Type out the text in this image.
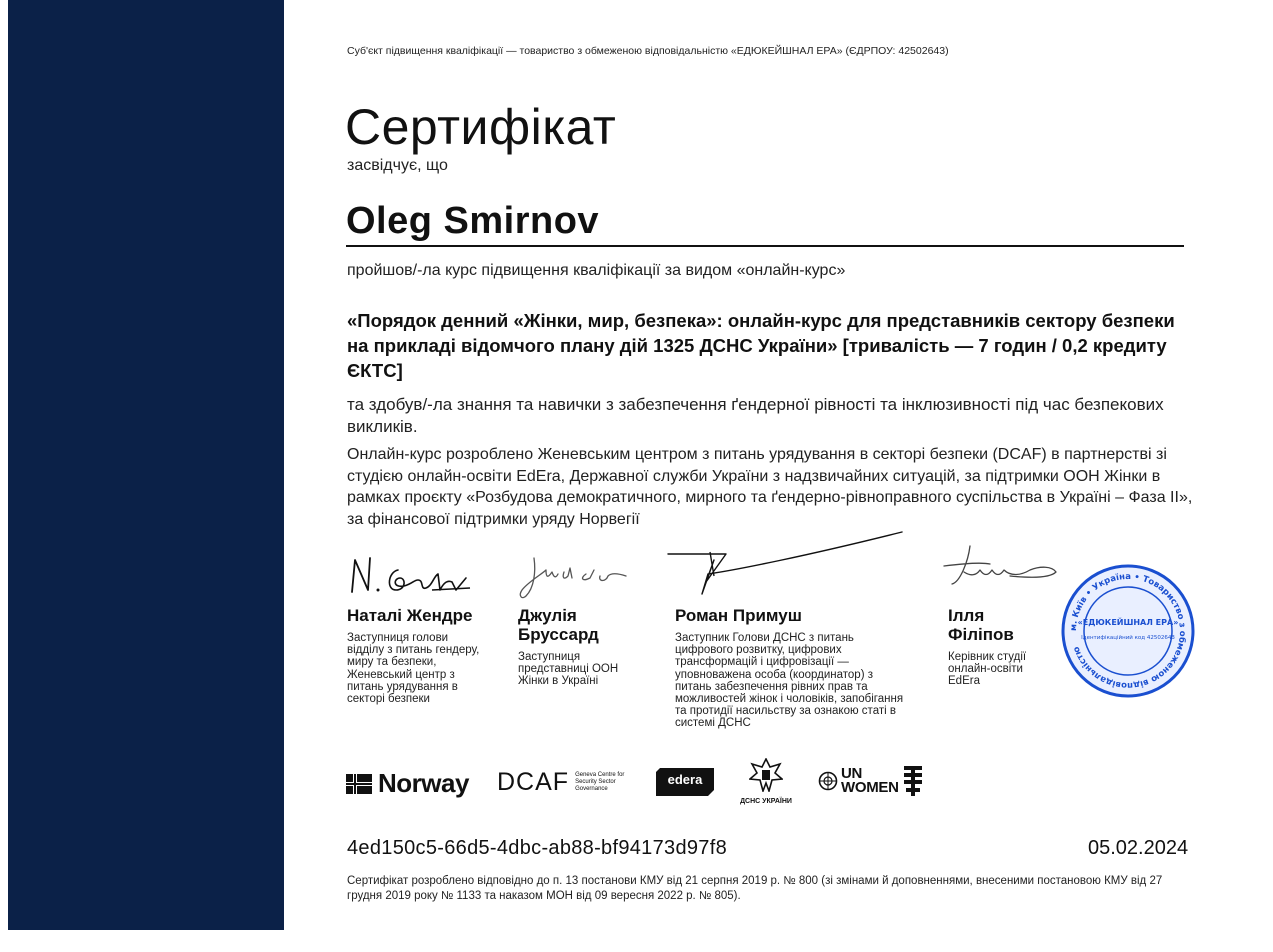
Суб'єкт підвищення кваліфікації — товариство з обмеженою відповідальністю «ЕДЮКЕЙШНАЛ ЕРА» (ЄДРПОУ: 42502643)
Сертифікат
засвідчує, що
Oleg Smirnov
пройшов/-ла курс підвищення кваліфікації за видом «онлайн-курс»
«Порядок денний «Жінки, мир, безпека»: онлайн-курс для представників сектору безпеки на прикладі відомчого плану дій 1325 ДСНС України» [тривалість — 7 годин / 0,2 кредиту ЄКТС]
та здобув/-ла знання та навички з забезпечення ґендерної рівності та інклюзивності під час безпекових викликів.
Онлайн-курс розроблено Женевським центром з питань урядування в секторі безпеки (DCAF) в партнерстві зі студією онлайн-освіти EdEra, Державної служби України з надзвичайних ситуацій, за підтримки ООН Жінки в рамках проєкту «Розбудова демократичного, мирного та ґендерно-рівноправного суспільства в Україні – Фаза II», за фінансової підтримки уряду Норвегії
Наталі Жендре
Заступниця голови відділу з питань гендеру, миру та безпеки, Женевський центр з питань урядування в секторі безпеки
Джулія Бруссард
Заступниця представниці ООН Жінки в Україні
Роман Примуш
Заступник Голови ДСНС з питань цифрового розвитку, цифрових трансформацій і цифровізації — уповноважена особа (координатор) з питань забезпечення рівних прав та можливостей жінок і чоловіків, запобігання та протидії насильству за ознакою статі в системі ДСНС
Ілля Філіпов
Керівник студії онлайн-освіти EdEra
м. Київ • Україна • Товариство з обмеженою відповідальністю
«ЕДЮКЕЙШНАЛ ЕРА»
Ідентифікаційний код 42502643
Norway DCAF Geneva Centre for Security Sector Governance
edera
ДСНС УКРАЇНИ
UN
WOMEN
4ed150c5-66d5-4dbc-ab88-bf94173d97f8	05.02.2024
Сертифікат розроблено відповідно до п. 13 постанови КМУ від 21 серпня 2019 р. № 800 (зі змінами й доповненнями, внесеними постановою КМУ від 27 грудня 2019 року № 1133 та наказом МОН від 09 вересня 2022 р. № 805).
